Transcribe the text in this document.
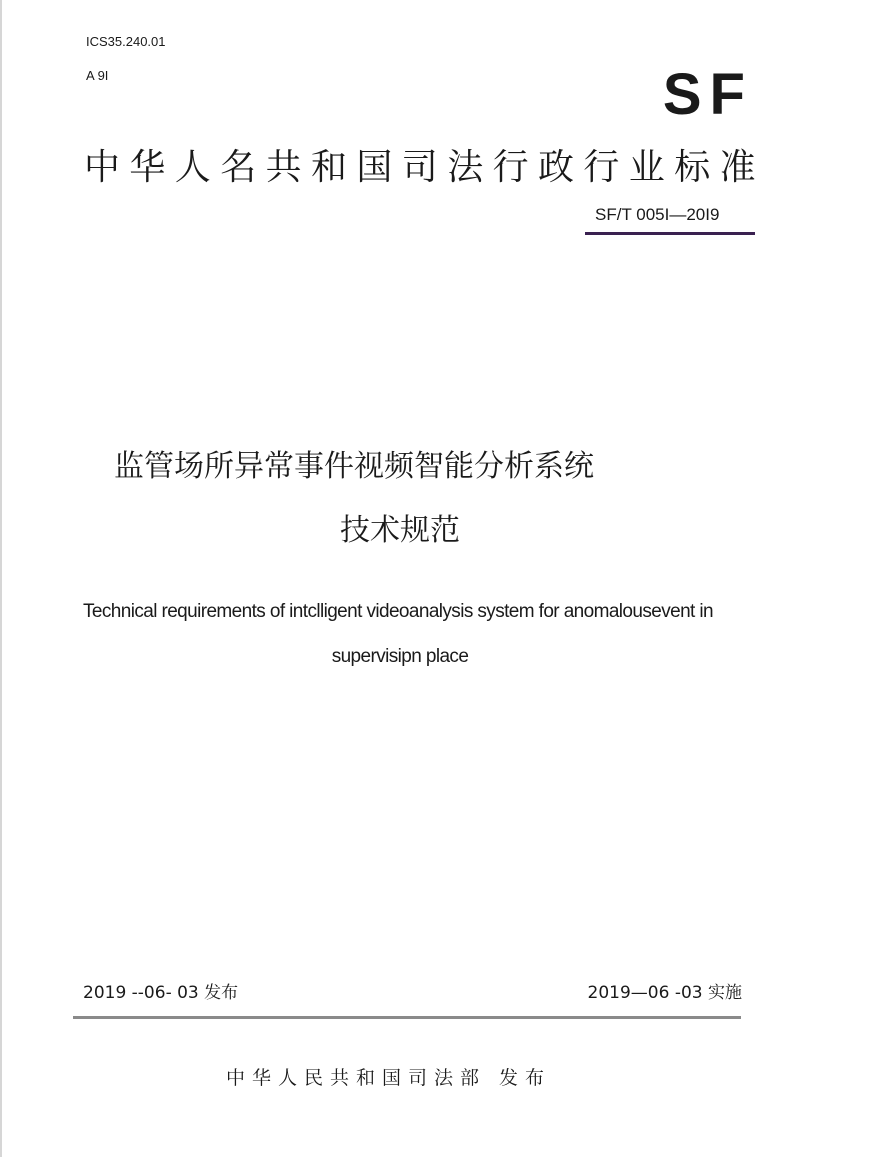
ICS35.240.01
A 9I	SF
中华人名共和国司法行政行业标准
SF/T 005I—20I9
监管场所异常事件视频智能分析系统
技术规范
Technical requirements of intclligent videoanalysis system for anomalousevent in
supervisipn place
2019 --06- 03 发布	2019—06 -03 实施
中华人民共和国司法部 发布
